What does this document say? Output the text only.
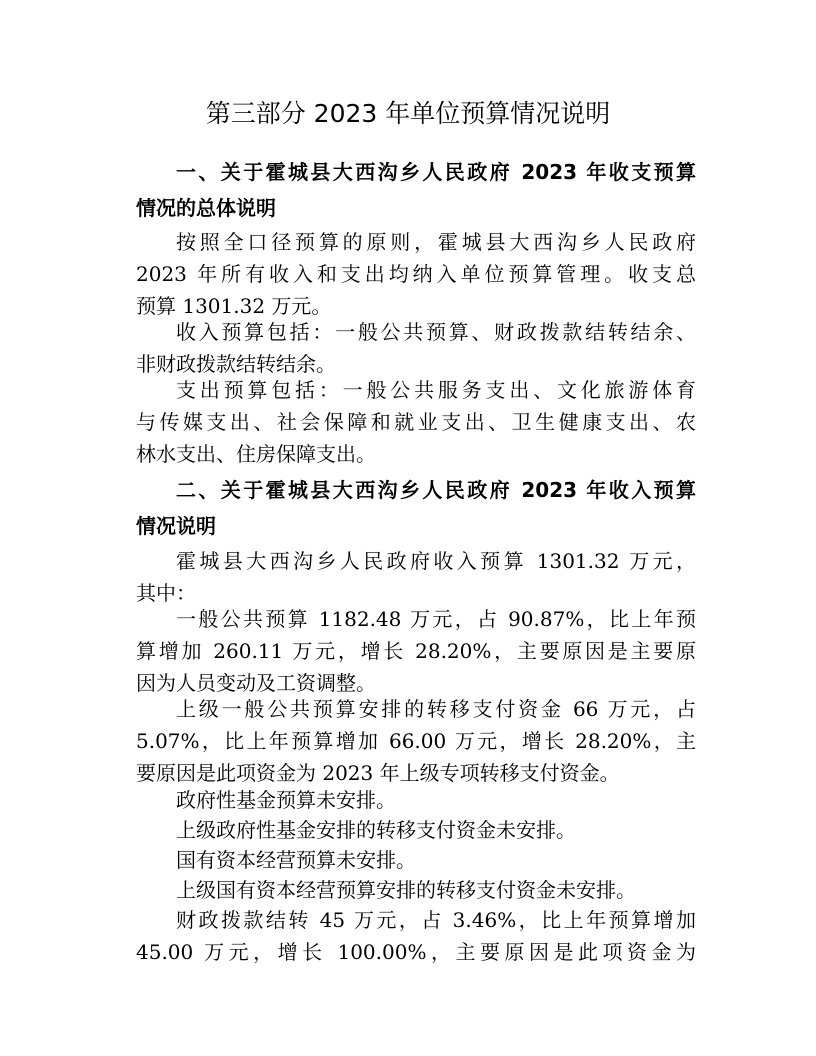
第三部分 2023 年单位预算情况说明
一、关于霍城县大西沟乡人民政府 2023 年收支预算
情况的总体说明
按照全口径预算的原则，霍城县大西沟乡人民政府
2023 年所有收入和支出均纳入单位预算管理。收支总
预算 1301.32 万元。
收入预算包括：一般公共预算、财政拨款结转结余、
非财政拨款结转结余。
支出预算包括：一般公共服务支出、文化旅游体育
与传媒支出、社会保障和就业支出、卫生健康支出、农
林水支出、住房保障支出。
二、关于霍城县大西沟乡人民政府 2023 年收入预算
情况说明
霍城县大西沟乡人民政府收入预算 1301.32 万元，
其中：
一般公共预算 1182.48 万元，占 90.87%，比上年预
算增加 260.11 万元，增长 28.20%，主要原因是主要原
因为人员变动及工资调整。
上级一般公共预算安排的转移支付资金 66 万元，占
5.07%，比上年预算增加 66.00 万元，增长 28.20%，主
要原因是此项资金为 2023 年上级专项转移支付资金。
政府性基金预算未安排。
上级政府性基金安排的转移支付资金未安排。
国有资本经营预算未安排。
上级国有资本经营预算安排的转移支付资金未安排。
财政拨款结转 45 万元，占 3.46%，比上年预算增加
45.00 万元，增长 100.00%，主要原因是此项资金为
